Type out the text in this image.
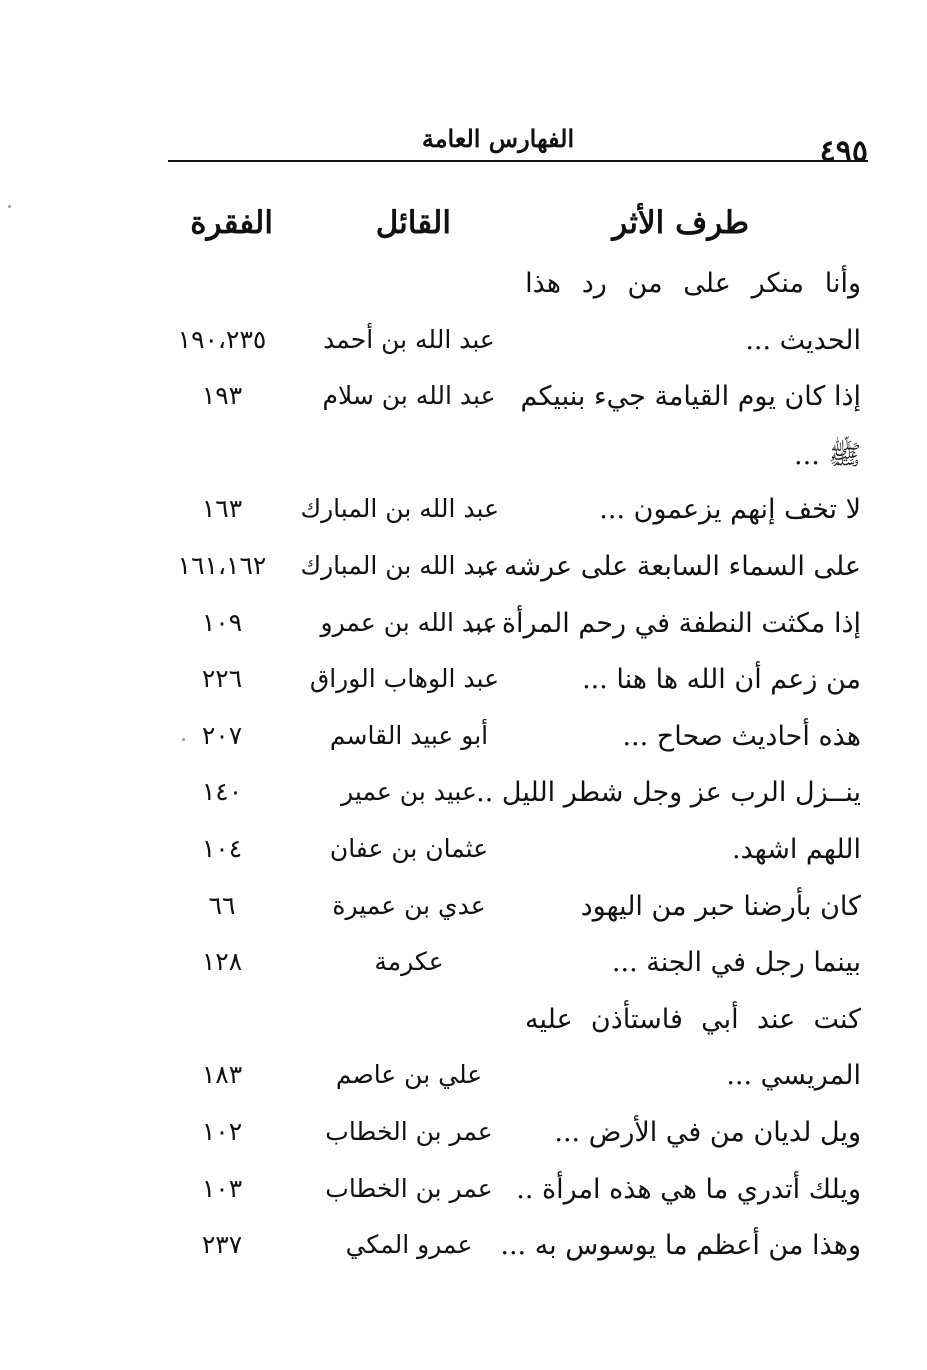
٤٩٥
الفهارس العامة
طرف الأثر
القائل
الفقرة
وأنا
منكر
على
من
رد
هذا
الحديث ...
عبد الله بن أحمد
١٩٠،٢٣٥
إذا كان يوم القيامة جيء بنبيكم
عبد الله بن سلام
١٩٣
ﷺ ...
لا تخف إنهم يزعمون ...
عبد الله بن المبارك
١٦٣
على السماء السابعة على عرشه ..
عبد الله بن المبارك
١٦١،١٦٢
إذا مكثت النطفة في رحم المرأة ...
عبد الله بن عمرو
١٠٩
من زعم أن الله ها هنا ...
عبد الوهاب الوراق
٢٢٦
هذه أحاديث صحاح ...
أبو عبيد القاسم
٢٠٧
ينــزل الرب عز وجل شطر الليل ..
عبيد بن عمير
١٤٠
اللهم اشهد.
عثمان بن عفان
١٠٤
كان بأرضنا حبر من اليهود
عدي بن عميرة
٦٦
بينما رجل في الجنة ...
عكرمة
١٢٨
كنت
عند
أبي
فاستأذن
عليه
المريسي ...
علي بن عاصم
١٨٣
ويل لديان من في الأرض ...
عمر بن الخطاب
١٠٢
ويلك أتدري ما هي هذه امرأة ..
عمر بن الخطاب
١٠٣
وهذا من أعظم ما يوسوس به ...
عمرو المكي
٢٣٧
